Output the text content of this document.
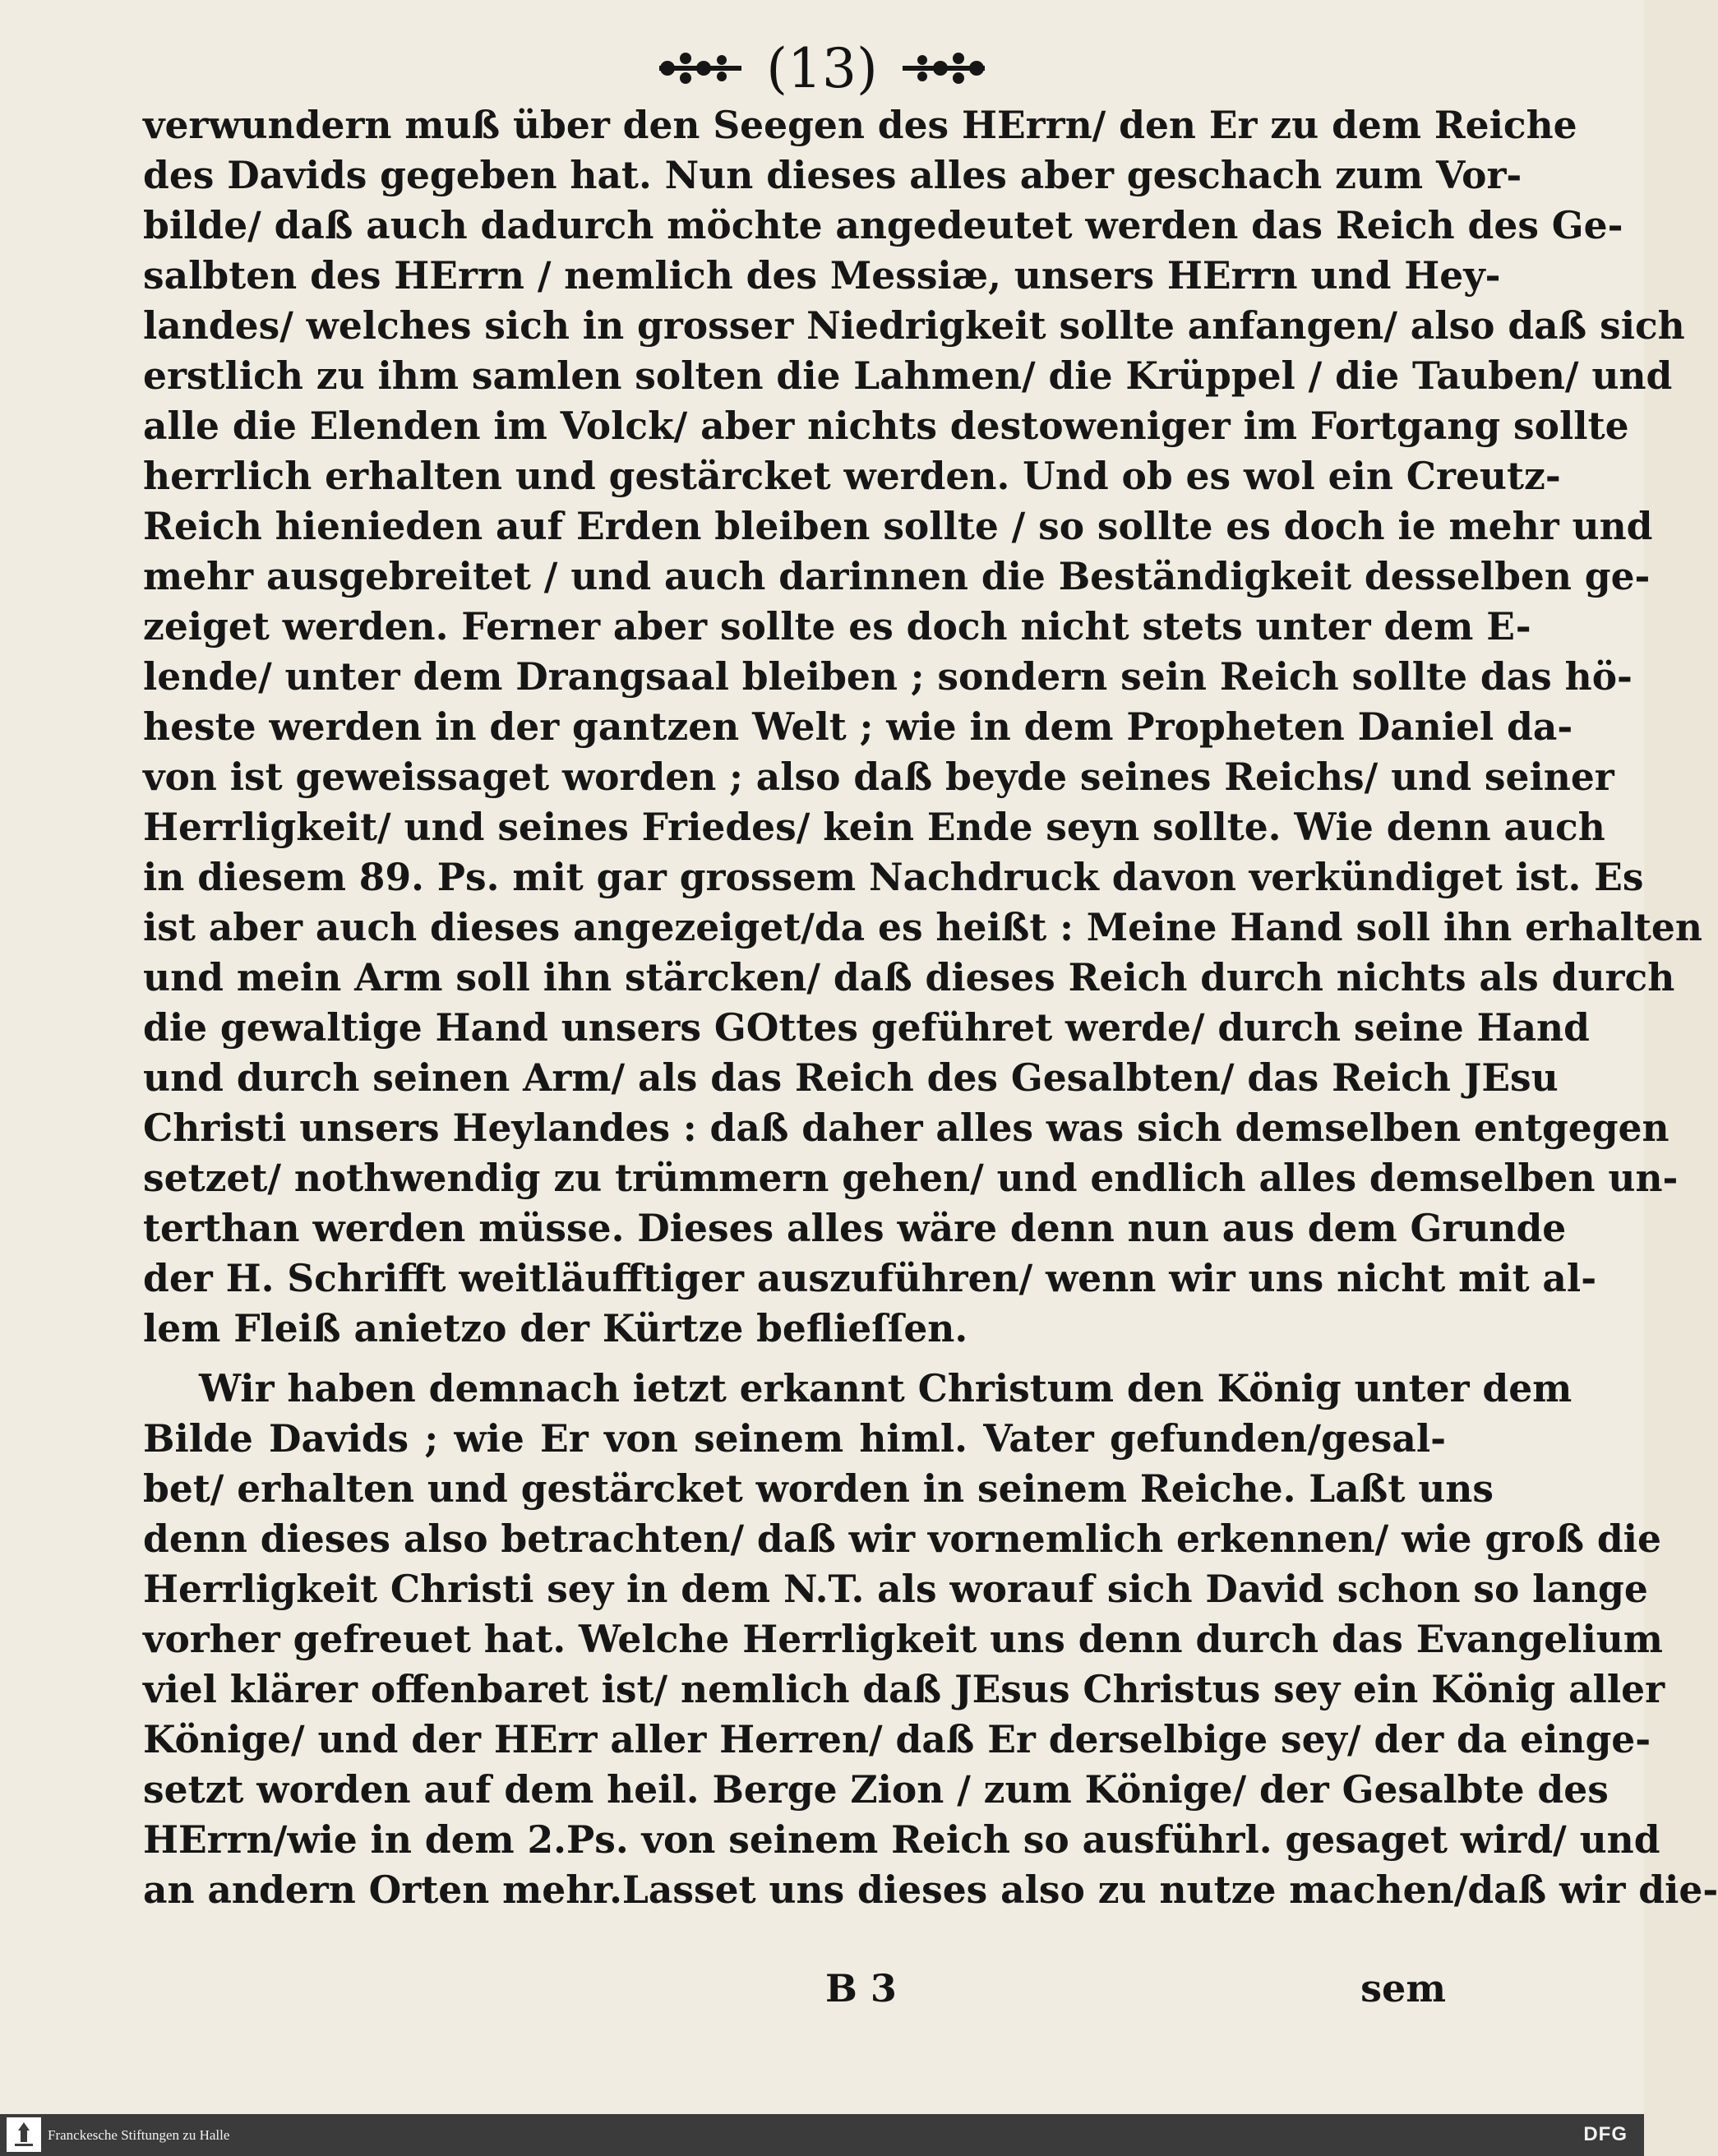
(13)
verwundern muß über den Seegen des HErrn/ den Er zu dem Reiche
des Davids gegeben hat. Nun dieses alles aber geschach zum Vor-
bilde/ daß auch dadurch möchte angedeutet werden das Reich des Ge-
salbten des HErrn / nemlich des Messiæ, unsers HErrn und Hey-
landes/ welches sich in grosser Niedrigkeit sollte anfangen/ also daß sich
erstlich zu ihm samlen solten die Lahmen/ die Krüppel / die Tauben/ und
alle die Elenden im Volck/ aber nichts destoweniger im Fortgang sollte
herrlich erhalten und gestärcket werden. Und ob es wol ein Creutz-
Reich hienieden auf Erden bleiben sollte / so sollte es doch ie mehr und
mehr ausgebreitet / und auch darinnen die Beständigkeit desselben ge-
zeiget werden. Ferner aber sollte es doch nicht stets unter dem E-
lende/ unter dem Drangsaal bleiben ; sondern sein Reich sollte das hö-
heste werden in der gantzen Welt ; wie in dem Propheten Daniel da-
von ist geweissaget worden ; also daß beyde seines Reichs/ und seiner
Herrligkeit/ und seines Friedes/ kein Ende seyn sollte. Wie denn auch
in diesem 89. Ps. mit gar grossem Nachdruck davon verkündiget ist. Es
ist aber auch dieses angezeiget/da es heißt : Meine Hand soll ihn erhalten
und mein Arm soll ihn stärcken/ daß dieses Reich durch nichts als durch
die gewaltige Hand unsers GOttes geführet werde/ durch seine Hand
und durch seinen Arm/ als das Reich des Gesalbten/ das Reich JEsu
Christi unsers Heylandes : daß daher alles was sich demselben entgegen
setzet/ nothwendig zu trümmern gehen/ und endlich alles demselben un-
terthan werden müsse. Dieses alles wäre denn nun aus dem Grunde
der H. Schrifft weitläufftiger auszuführen/ wenn wir uns nicht mit al-
lem Fleiß anietzo der Kürtze beflieſſen.
Wir haben demnach ietzt erkannt Christum den König unter dem
Bilde Davids ; wie Er von seinem himl. Vater gefunden/gesal-
bet/ erhalten und gestärcket worden in seinem Reiche. Laßt uns
denn dieses also betrachten/ daß wir vornemlich erkennen/ wie groß die
Herrligkeit Christi sey in dem N.T. als worauf sich David schon so lange
vorher gefreuet hat. Welche Herrligkeit uns denn durch das Evangelium
viel klärer offenbaret ist/ nemlich daß JEsus Christus sey ein König aller
Könige/ und der HErr aller Herren/ daß Er derselbige sey/ der da einge-
setzt worden auf dem heil. Berge Zion / zum Könige/ der Gesalbte des
HErrn/wie in dem 2.Ps. von seinem Reich so ausführl. gesaget wird/ und
an andern Orten mehr.Lasset uns dieses also zu nutze machen/daß wir die-
B 3	sem
Franckesche Stiftungen zu Halle	DFG
